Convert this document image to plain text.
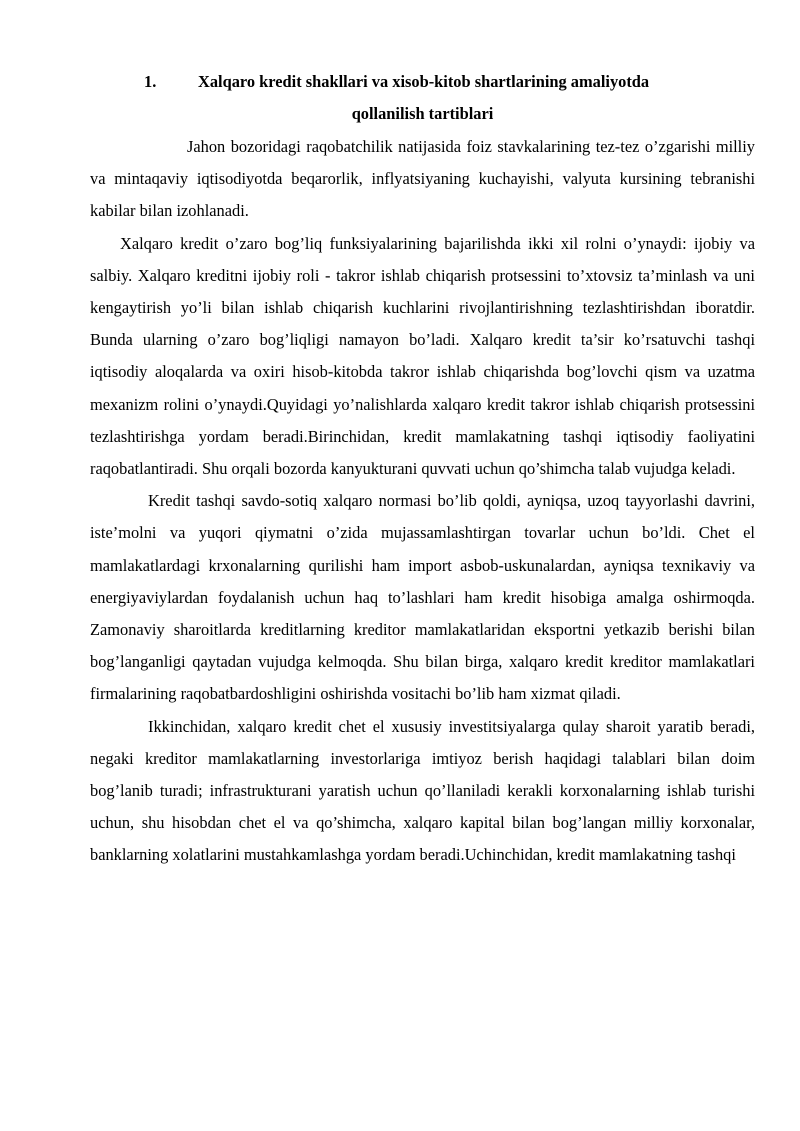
1.	Xalqaro kredit shakllari va xisob-kitob shartlarining amaliyotda
qollanilish tartiblari

Jahon bozoridagi raqobatchilik natijasida foiz stavkalarining tez-tez o’zgarishi milliy va mintaqaviy iqtisodiyotda beqarorlik, inflyatsiyaning kuchayishi, valyuta kursining tebranishi kabilar bilan izohlanadi.

Xalqaro kredit o’zaro bog’liq funksiyalarining bajarilishda ikki xil rolni o’ynaydi: ijobiy va salbiy. Xalqaro kreditni ijobiy roli - takror ishlab chiqarish protsessini to’xtovsiz ta’minlash va uni kengaytirish yo’li bilan ishlab chiqarish kuchlarini rivojlantirishning tezlashtirishdan iboratdir. Bunda ularning o’zaro bog’liqligi namayon bo’ladi. Xalqaro kredit ta’sir ko’rsatuvchi tashqi iqtisodiy aloqalarda va oxiri hisob-kitobda takror ishlab chiqarishda bog’lovchi qism va uzatma mexanizm rolini o’ynaydi.Quyidagi yo’nalishlarda xalqaro kredit takror ishlab chiqarish protsessini tezlashtirishga yordam beradi.Birinchidan, kredit mamlakatning tashqi iqtisodiy faoliyatini raqobatlantiradi. Shu orqali bozorda kanyukturani quvvati uchun qo’shimcha talab vujudga keladi.

Kredit tashqi savdo-sotiq xalqaro normasi bo’lib qoldi, ayniqsa, uzoq tayyorlashi davrini, iste’molni va yuqori qiymatni o’zida mujassamlashtirgan tovarlar uchun bo’ldi. Chet el mamlakatlardagi krxonalarning qurilishi ham import asbob-uskunalardan, ayniqsa texnikaviy va energiyaviylardan foydalanish uchun haq to’lashlari ham kredit hisobiga amalga oshirmoqda. Zamonaviy sharoitlarda kreditlarning kreditor mamlakatlaridan eksportni yetkazib berishi bilan bog’langanligi qaytadan vujudga kelmoqda. Shu bilan birga, xalqaro kredit kreditor mamlakatlari firmalarining raqobatbardoshligini oshirishda vositachi bo’lib ham xizmat qiladi.

Ikkinchidan, xalqaro kredit chet el xususiy investitsiyalarga qulay sharoit yaratib beradi, negaki kreditor mamlakatlarning investorlariga imtiyoz berish haqidagi talablari bilan doim bog’lanib turadi; infrastrukturani yaratish uchun qo’llaniladi kerakli korxonalarning ishlab turishi uchun, shu hisobdan chet el va qo’shimcha, xalqaro kapital bilan bog’langan milliy korxonalar, banklarning xolatlarini mustahkamlashga yordam beradi.Uchinchidan, kredit mamlakatning tashqi
